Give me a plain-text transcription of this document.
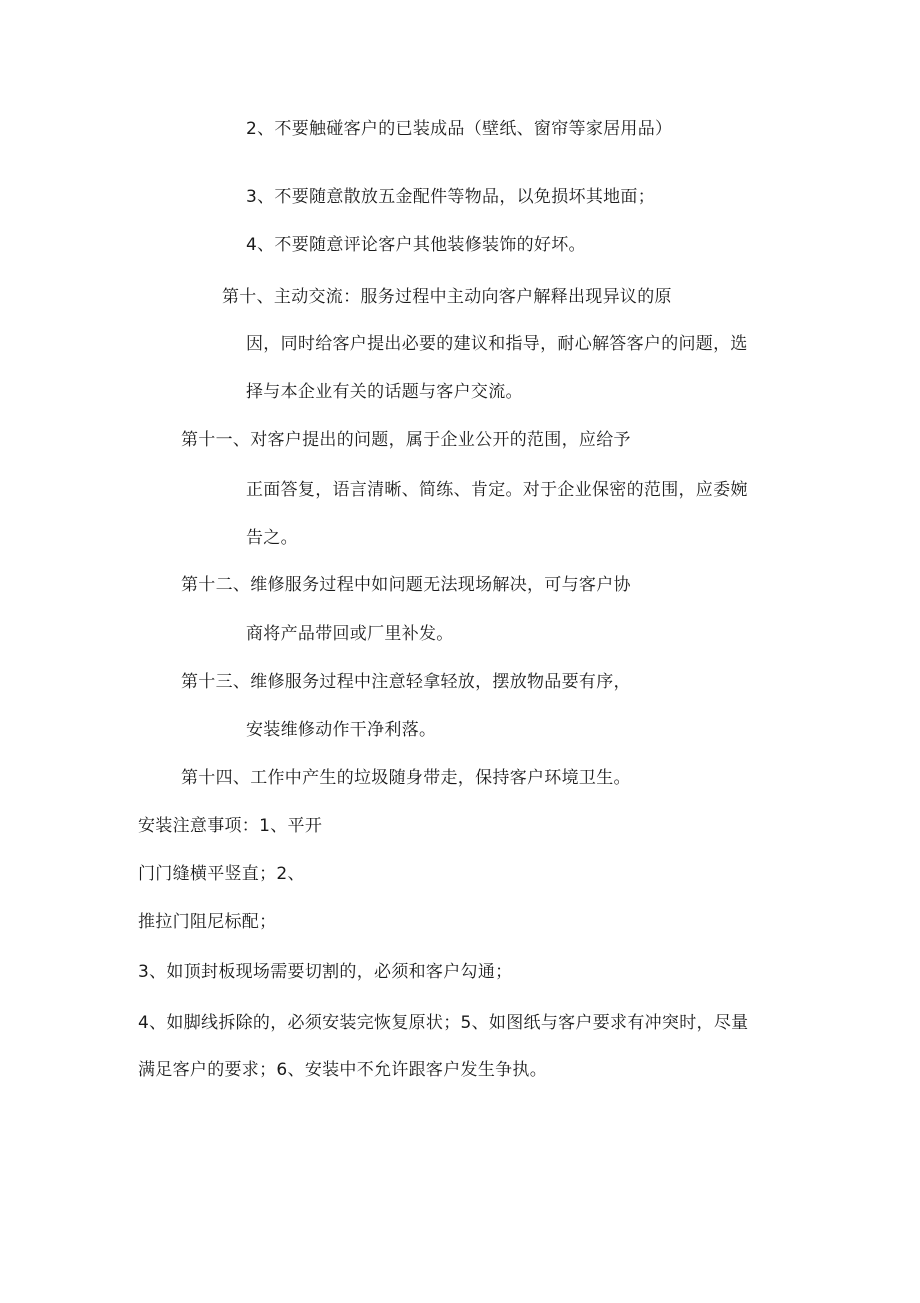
2、不要触碰客户的已装成品（壁纸、窗帘等家居用品）
3、不要随意散放五金配件等物品，以免损坏其地面；
4、不要随意评论客户其他装修装饰的好坏。
第十、主动交流：服务过程中主动向客户解释出现异议的原
因，同时给客户提出必要的建议和指导，耐心解答客户的问题，选
择与本企业有关的话题与客户交流。
第十一、对客户提出的问题，属于企业公开的范围，应给予
正面答复，语言清晰、简练、肯定。对于企业保密的范围，应委婉
告之。
第十二、维修服务过程中如问题无法现场解决，可与客户协
商将产品带回或厂里补发。
第十三、维修服务过程中注意轻拿轻放，摆放物品要有序，
安装维修动作干净利落。
第十四、工作中产生的垃圾随身带走，保持客户环境卫生。
安装注意事项：1、平开
门门缝横平竖直；2、
推拉门阻尼标配；
3、如顶封板现场需要切割的，必须和客户勾通；
4、如脚线拆除的，必须安装完恢复原状；5、如图纸与客户要求有冲突时，尽量
满足客户的要求；6、安装中不允许跟客户发生争执。
